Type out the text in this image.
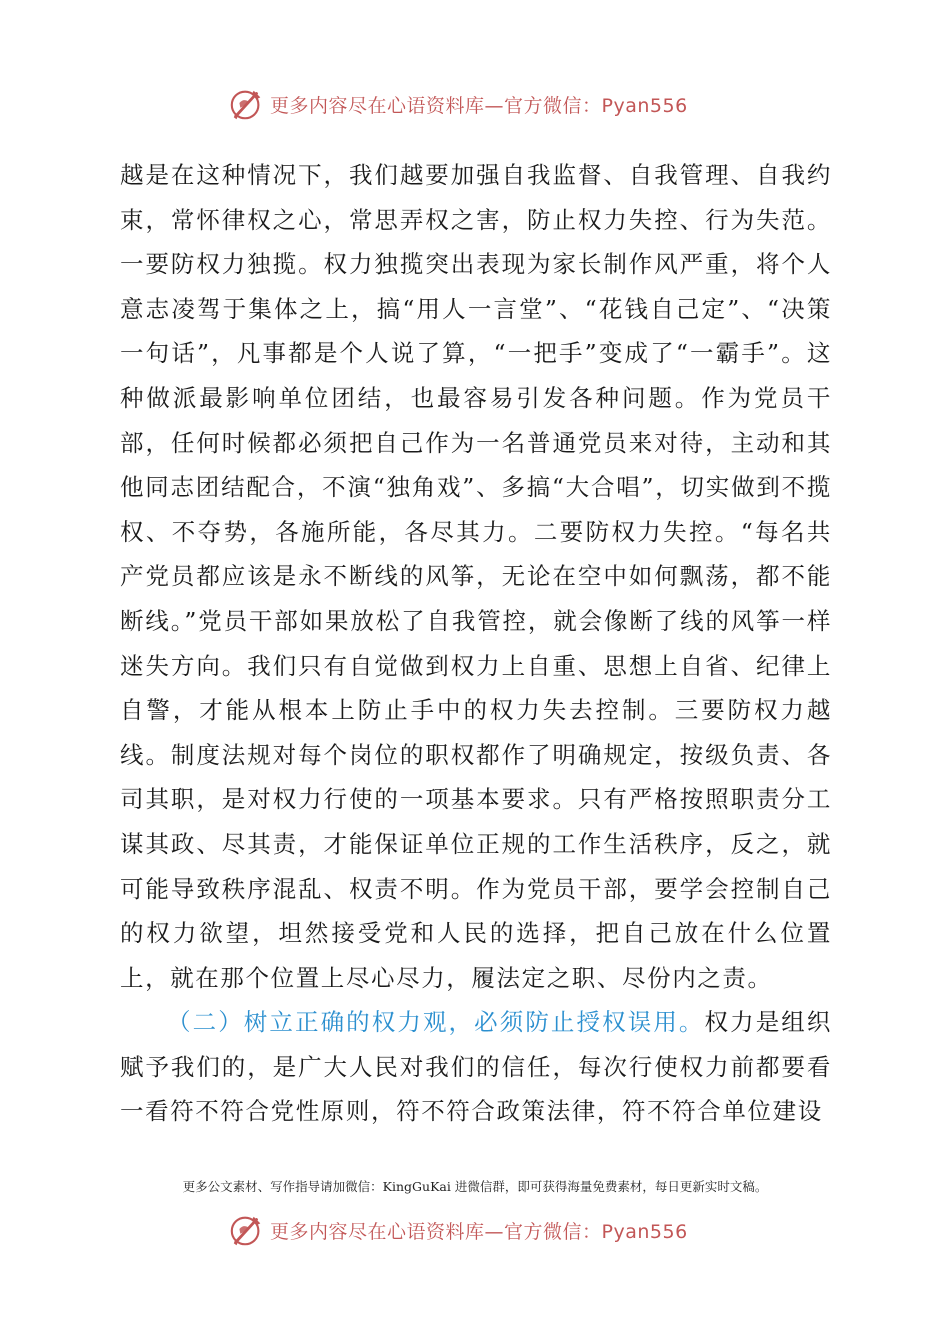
更多内容尽在心语资料库—官方微信：Pyan556

越是在这种情况下，我们越要加强自我监督、自我管理、自我约束，常怀律权之心，常思弄权之害，防止权力失控、行为失范。一要防权力独揽。权力独揽突出表现为家长制作风严重，将个人意志凌驾于集体之上，搞“用人一言堂”、“花钱自己定”、“决策一句话”，凡事都是个人说了算，“一把手”变成了“一霸手”。这种做派最影响单位团结，也最容易引发各种问题。作为党员干部，任何时候都必须把自己作为一名普通党员来对待，主动和其他同志团结配合，不演“独角戏”、多搞“大合唱”，切实做到不揽权、不夺势，各施所能，各尽其力。二要防权力失控。“每名共产党员都应该是永不断线的风筝，无论在空中如何飘荡，都不能断线。”党员干部如果放松了自我管控，就会像断了线的风筝一样迷失方向。我们只有自觉做到权力上自重、思想上自省、纪律上自警，才能从根本上防止手中的权力失去控制。三要防权力越线。制度法规对每个岗位的职权都作了明确规定，按级负责、各司其职，是对权力行使的一项基本要求。只有严格按照职责分工谋其政、尽其责，才能保证单位正规的工作生活秩序，反之，就可能导致秩序混乱、权责不明。作为党员干部，要学会控制自己的权力欲望，坦然接受党和人民的选择，把自己放在什么位置上，就在那个位置上尽心尽力，履法定之职、尽份内之责。

（二）树立正确的权力观，必须防止授权误用。权力是组织赋予我们的，是广大人民对我们的信任，每次行使权力前都要看一看符不符合党性原则，符不符合政策法律，符不符合单位建设

更多公文素材、写作指导请加微信：KingGuKai 进微信群，即可获得海量免费素材，每日更新实时文稿。
更多内容尽在心语资料库—官方微信：Pyan556
